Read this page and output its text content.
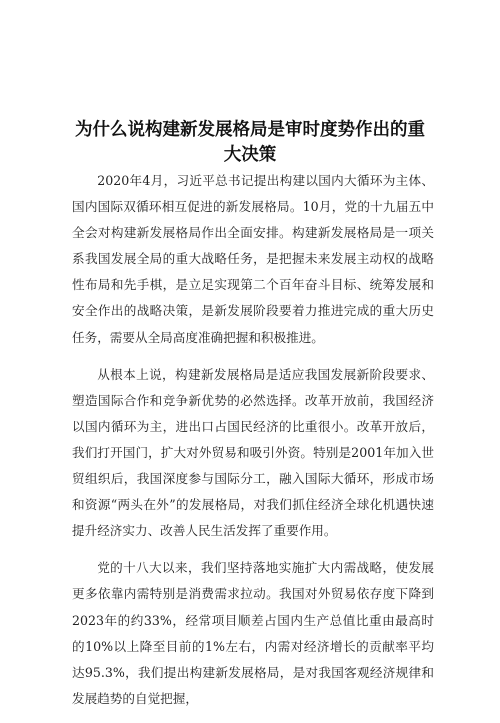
为什么说构建新发展格局是审时度势作出的重大决策

2020年4月，习近平总书记提出构建以国内大循环为主体、国内国际双循环相互促进的新发展格局。10月，党的十九届五中全会对构建新发展格局作出全面安排。构建新发展格局是一项关系我国发展全局的重大战略任务，是把握未来发展主动权的战略性布局和先手棋，是立足实现第二个百年奋斗目标、统筹发展和安全作出的战略决策，是新发展阶段要着力推进完成的重大历史任务，需要从全局高度准确把握和积极推进。

从根本上说，构建新发展格局是适应我国发展新阶段要求、塑造国际合作和竞争新优势的必然选择。改革开放前，我国经济以国内循环为主，进出口占国民经济的比重很小。改革开放后，我们打开国门，扩大对外贸易和吸引外资。特别是2001年加入世贸组织后，我国深度参与国际分工，融入国际大循环，形成市场和资源“两头在外”的发展格局，对我们抓住经济全球化机遇快速提升经济实力、改善人民生活发挥了重要作用。

党的十八大以来，我们坚持落地实施扩大内需战略，使发展更多依靠内需特别是消费需求拉动。我国对外贸易依存度下降到2023年的约33%，经常项目顺差占国内生产总值比重由最高时的10%以上降至目前的1%左右，内需对经济增长的贡献率平均达95.3%，我们提出构建新发展格局，是对我国客观经济规律和发展趋势的自觉把握，
